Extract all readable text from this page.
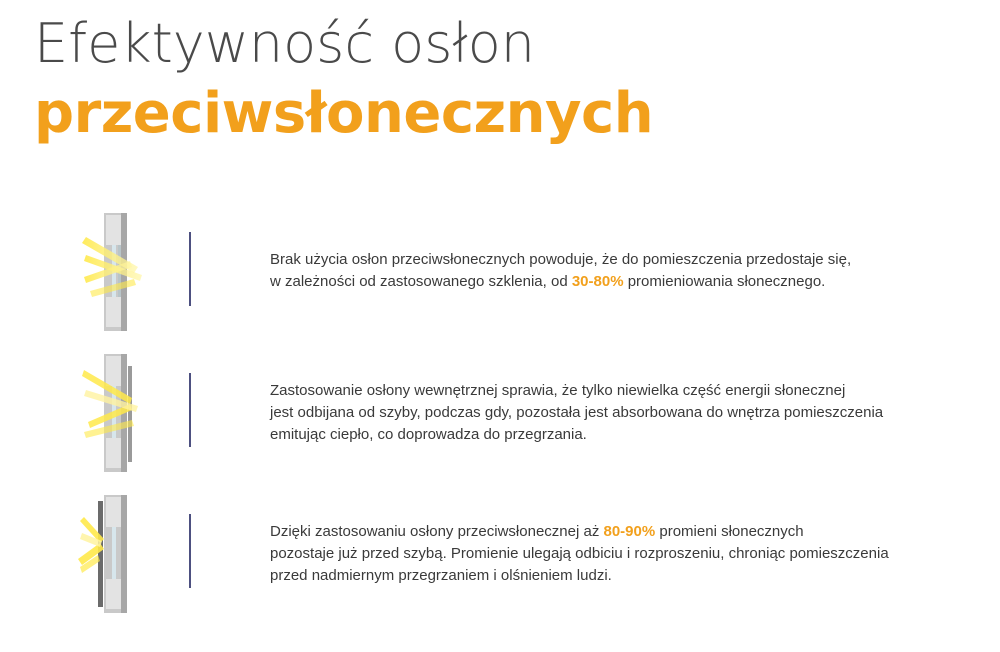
Efektywność osłon
przeciwsłonecznych
Brak użycia osłon przeciwsłonecznych powoduje, że do pomieszczenia przedostaje się,
w zależności od zastosowanego szklenia, od 30-80% promieniowania słonecznego.
Zastosowanie osłony wewnętrznej sprawia, że tylko niewielka część energii słonecznej
jest odbijana od szyby, podczas gdy, pozostała jest absorbowana do wnętrza pomieszczenia
emitując ciepło, co doprowadza do przegrzania.
Dzięki zastosowaniu osłony przeciwsłonecznej aż 80-90% promieni słonecznych
pozostaje już przed szybą. Promienie ulegają odbiciu i rozproszeniu, chroniąc pomieszczenia
przed nadmiernym przegrzaniem i olśnieniem ludzi.
